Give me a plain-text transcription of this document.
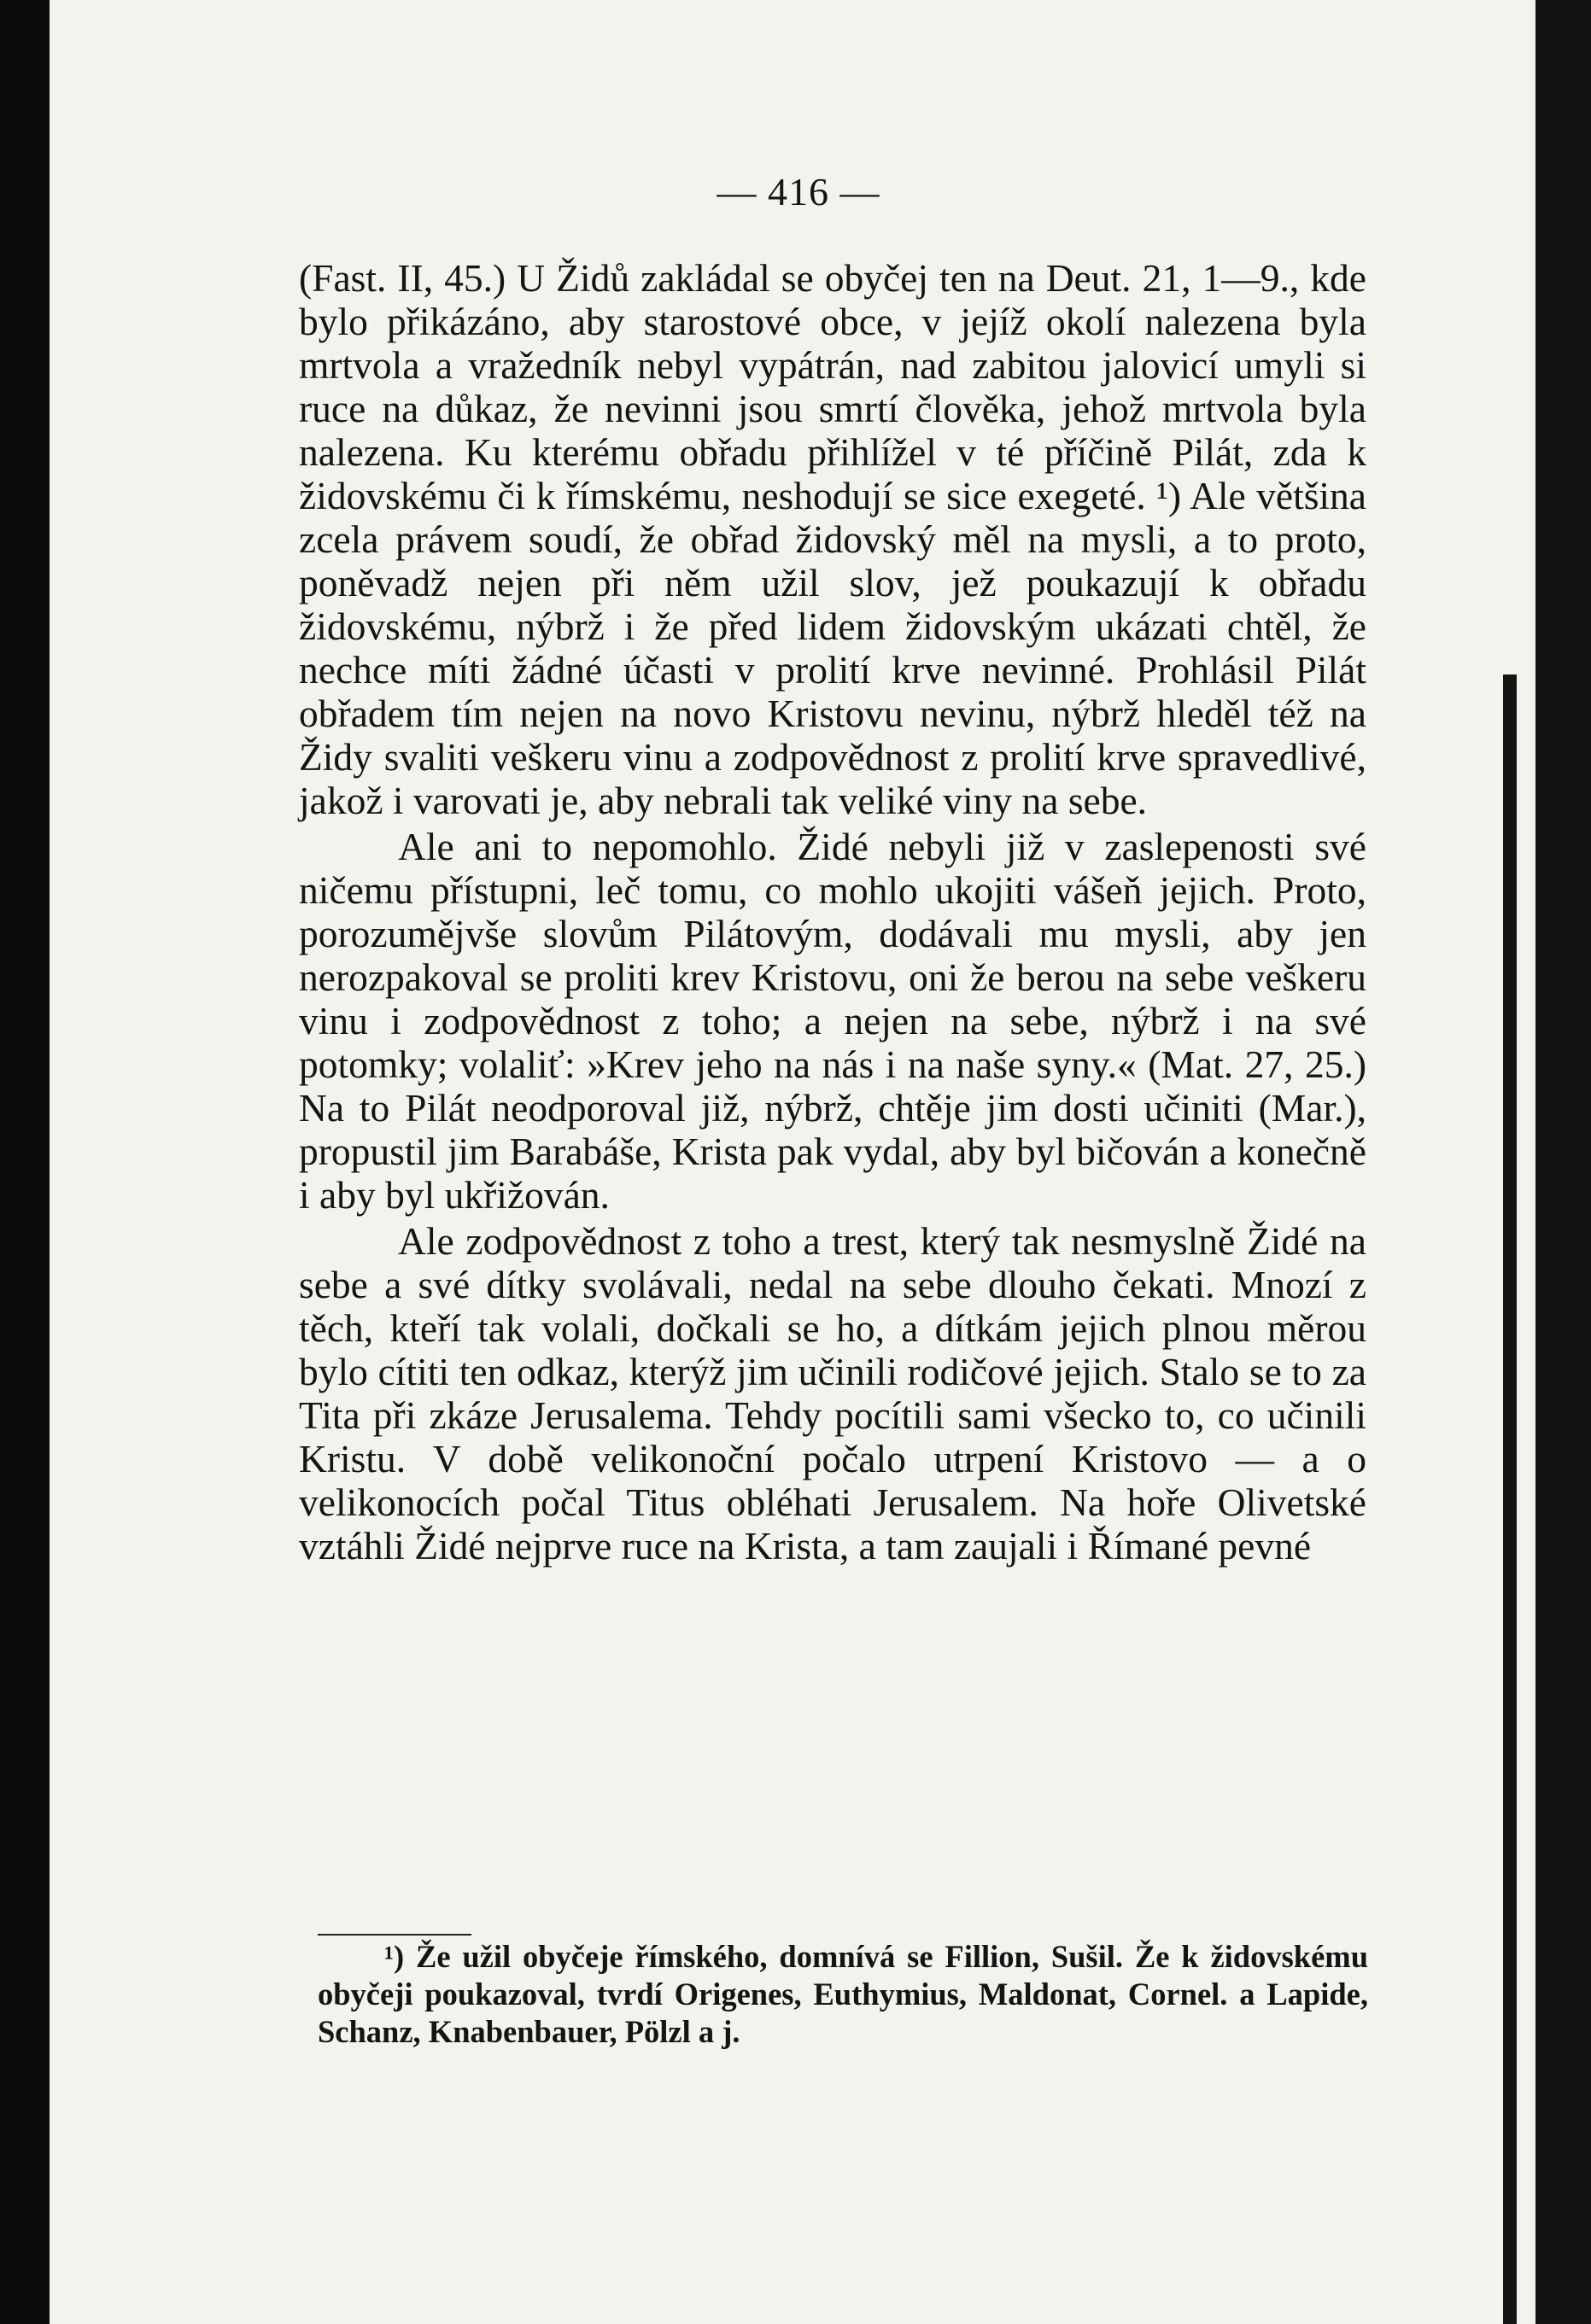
— 416 —

(Fast. II, 45.) U Židů zakládal se obyčej ten na Deut. 21, 1—9., kde bylo přikázáno, aby starostové obce, v jejíž okolí nalezena byla mrtvola a vražedník nebyl vypátrán, nad zabitou jalovicí umyli si ruce na důkaz, že nevinni jsou smrtí člověka, jehož mrtvola byla nalezena. Ku kterému obřadu přihlížel v té příčině Pilát, zda k židovskému či k římskému, neshodují se sice exegeté. ¹) Ale většina zcela právem soudí, že obřad židovský měl na mysli, a to proto, poněvadž nejen při něm užil slov, jež poukazují k obřadu židovskému, nýbrž i že před lidem židovským ukázati chtěl, že nechce míti žádné účasti v prolití krve nevinné. Prohlásil Pilát obřadem tím nejen na novo Kristovu nevinu, nýbrž hleděl též na Židy svaliti veškeru vinu a zodpovědnost z prolití krve spravedlivé, jakož i varovati je, aby nebrali tak veliké viny na sebe.

Ale ani to nepomohlo. Židé nebyli již v zaslepenosti své ničemu přístupni, leč tomu, co mohlo ukojiti vášeň jejich. Proto, porozumějvše slovům Pilátovým, dodávali mu mysli, aby jen nerozpakoval se proliti krev Kristovu, oni že berou na sebe veškeru vinu i zodpovědnost z toho; a nejen na sebe, nýbrž i na své potomky; volaliť: »Krev jeho na nás i na naše syny.« (Mat. 27, 25.) Na to Pilát neodporoval již, nýbrž, chtěje jim dosti učiniti (Mar.), propustil jim Barabáše, Krista pak vydal, aby byl bičován a konečně i aby byl ukřižován.

Ale zodpovědnost z toho a trest, který tak nesmyslně Židé na sebe a své dítky svolávali, nedal na sebe dlouho čekati. Mnozí z těch, kteří tak volali, dočkali se ho, a dítkám jejich plnou měrou bylo cítiti ten odkaz, kterýž jim učinili rodičové jejich. Stalo se to za Tita při zkáze Jerusalema. Tehdy pocítili sami všecko to, co učinili Kristu. V době velikonoční počalo utrpení Kristovo — a o velikonocích počal Titus obléhati Jerusalem. Na hoře Olivetské vztáhli Židé nejprve ruce na Krista, a tam zaujali i Římané pevné

¹) Že užil obyčeje římského, domnívá se Fillion, Sušil. Že k židovskému obyčeji poukazoval, tvrdí Origenes, Euthymius, Maldonat, Cornel. a Lapide, Schanz, Knabenbauer, Pölzl a j.
